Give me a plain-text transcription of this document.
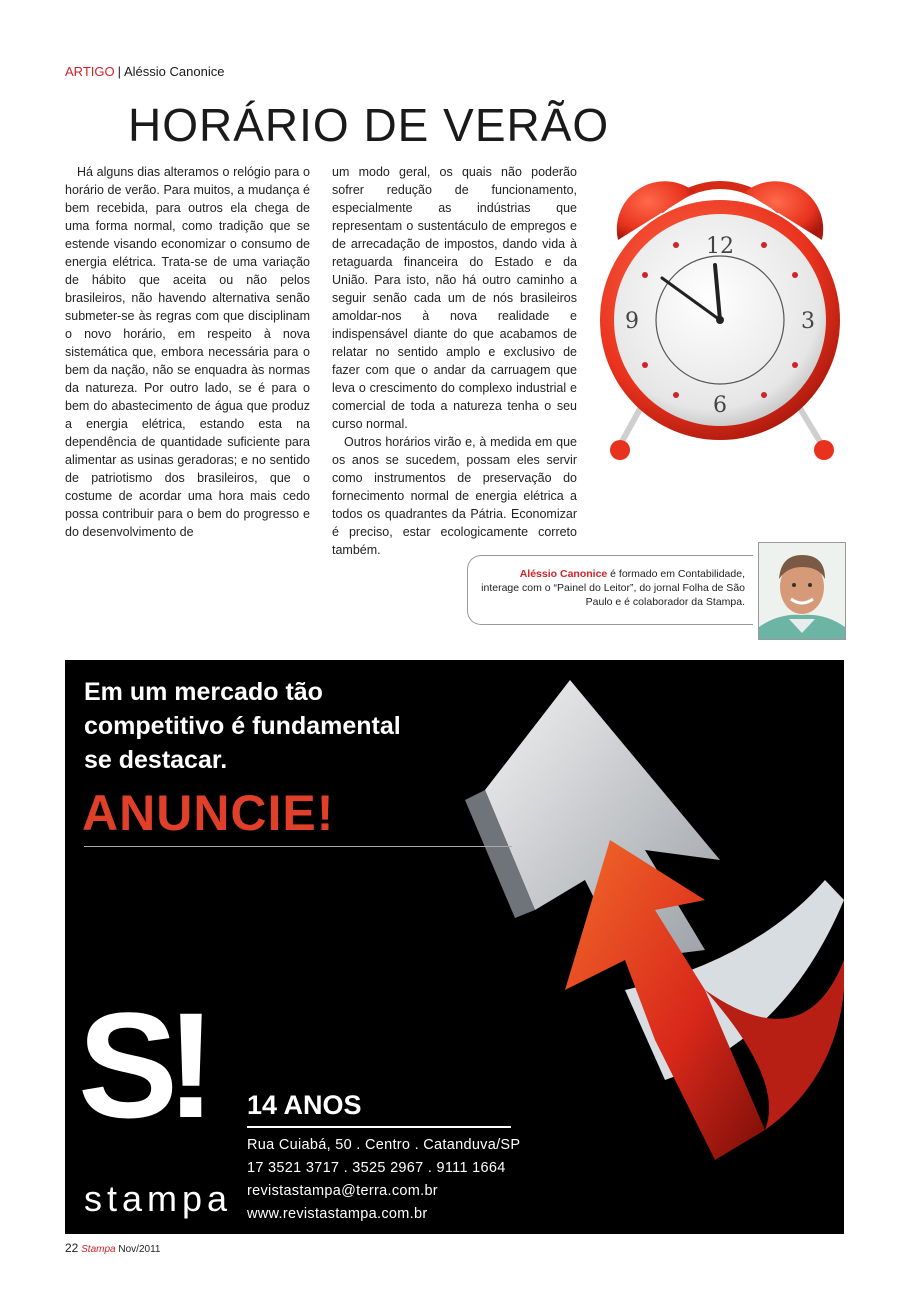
ARTIGO | Aléssio Canonice
HORÁRIO DE VERÃO

Há alguns dias alteramos o relógio para o horário de verão. Para muitos, a mudança é bem recebida, para outros ela chega de uma forma normal, como tradição que se estende visando economizar o consumo de energia elétrica. Trata-se de uma variação de hábito que aceita ou não pelos brasileiros, não havendo alternativa senão submeter-se às regras com que disciplinam o novo horário, em respeito à nova sistemática que, embora necessária para o bem da nação, não se enquadra às normas da natureza. Por outro lado, se é para o bem do abastecimento de água que produz a energia elétrica, estando esta na dependência de quantidade suficiente para alimentar as usinas geradoras; e no sentido de patriotismo dos brasileiros, que o costume de acordar uma hora mais cedo possa contribuir para o bem do progresso e do desenvolvimento de

um modo geral, os quais não poderão sofrer redução de funcionamento, especialmente as indústrias que representam o sustentáculo de empregos e de arrecadação de impostos, dando vida à retaguarda financeira do Estado e da União. Para isto, não há outro caminho a seguir senão cada um de nós brasileiros amoldar-nos à nova realidade e indispensável diante do que acabamos de relatar no sentido amplo e exclusivo de fazer com que o andar da carruagem que leva o crescimento do complexo industrial e comercial de toda a natureza tenha o seu curso normal.

Outros horários virão e, à medida em que os anos se sucedem, possam eles servir como instrumentos de preservação do fornecimento normal de energia elétrica a todos os quadrantes da Pátria. Economizar é preciso, estar ecologicamente correto também.

12
3
6
9
Aléssio Canonice é formado em Contabilidade, interage com o “Painel do Leitor”, do jornal Folha de São Paulo e é colaborador da Stampa.
Em um mercado tão
competitivo é fundamental
se destacar.
ANUNCIE!
S!
stampa
14 ANOS
Rua Cuiabá, 50 . Centro . Catanduva/SP
17 3521 3717 . 3525 2967 . 9111 1664
revistastampa@terra.com.br
www.revistastampa.com.br
22 Stampa Nov/2011
